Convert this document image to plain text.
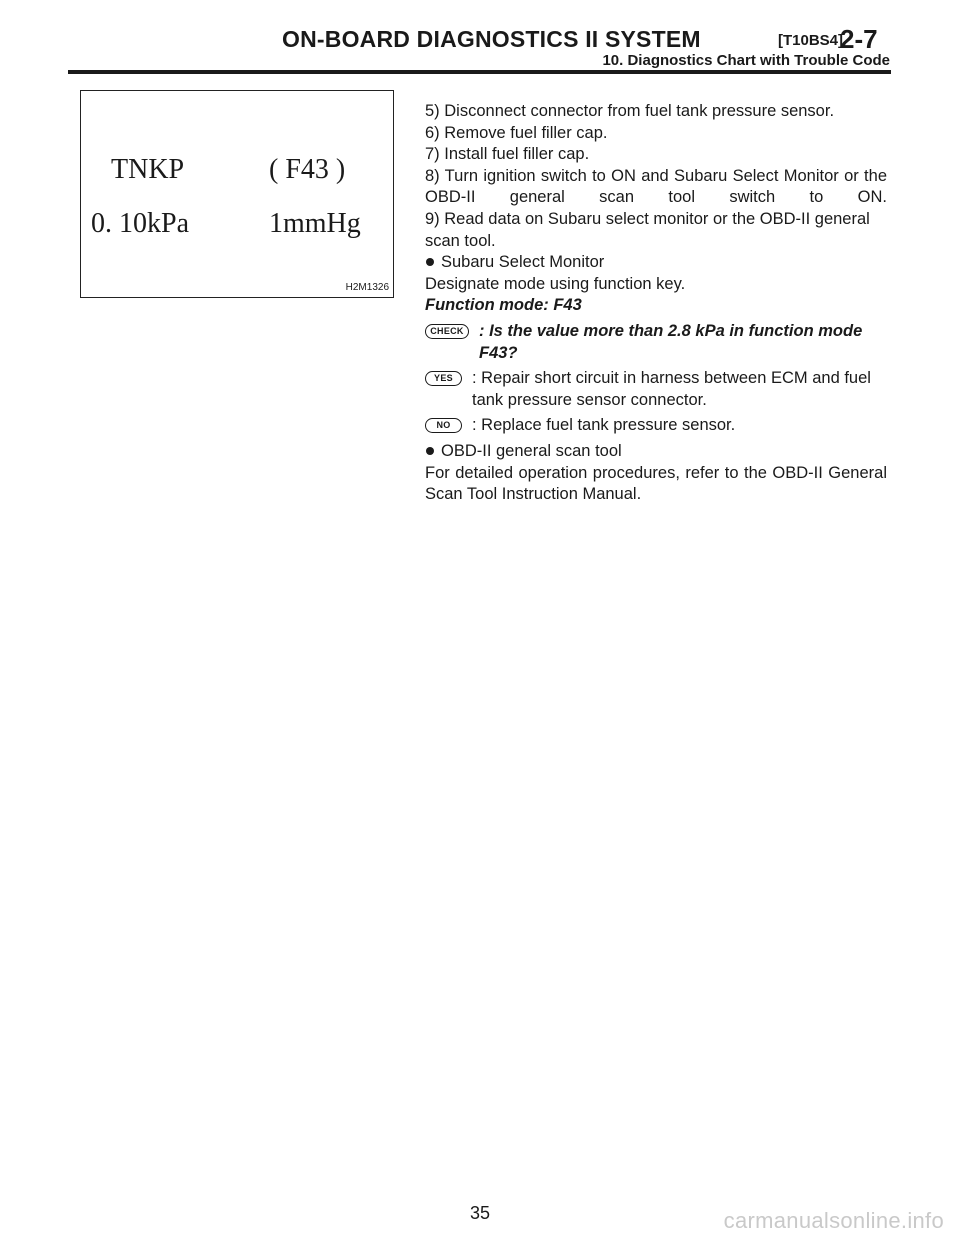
ON-BOARD DIAGNOSTICS II SYSTEM	[T10BS4]
2-7
10. Diagnostics Chart with Trouble Code
TNKP	( F43 )
0. 10kPa	1mmHg
H2M1326

5) Disconnect connector from fuel tank pressure sensor.

6) Remove fuel filler cap.

7) Install fuel filler cap.

8) Turn ignition switch to ON and Subaru Select Monitor or the OBD-II general scan tool switch to ON.

9) Read data on Subaru select monitor or the OBD-II general scan tool.

Subaru Select Monitor

Designate mode using function key.

Function mode: F43

CHECK : Is the value more than 2.8 kPa in function mode F43?
YES	: Repair short circuit in harness between ECM and fuel tank pressure sensor connector.
NO	: Replace fuel tank pressure sensor.

OBD-II general scan tool

For detailed operation procedures, refer to the OBD-II General Scan Tool Instruction Manual.

35	carmanualsonline.info
